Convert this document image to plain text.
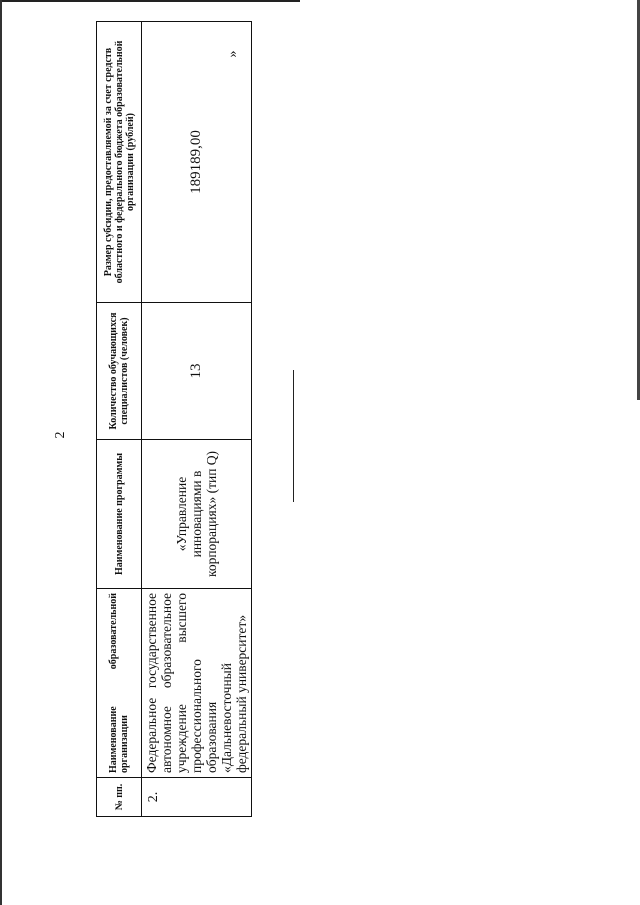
2
»
№ пп.	Наименование образовательной организации	Наименование программы	Количество обучающихся специалистов (человек)	Размер субсидии, предоставляемой за счет средств областного и федерального бюджета образовательной организации (рублей)
2.	Федеральное государственное автономное образовательное учреждение высшего профессионального образования «Дальневосточный федеральный университет»	«Управление инновациями в корпорациях» (тип Q)	13	189189,00
